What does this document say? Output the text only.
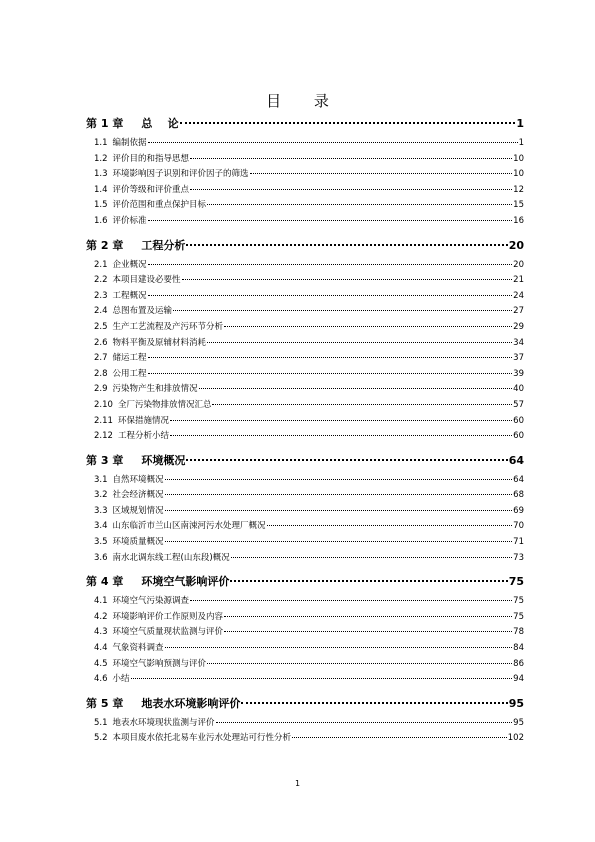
目 录
第 1 章 总    论	1
1.1 编制依据	1
1.2 评价目的和指导思想	10
1.3 环境影响因子识别和评价因子的筛选	10
1.4 评价等级和评价重点	12
1.5 评价范围和重点保护目标	15
1.6 评价标准	16
第 2 章 工程分析	20
2.1 企业概况	20
2.2 本项目建设必要性	21
2.3 工程概况	24
2.4 总图布置及运输	27
2.5 生产工艺流程及产污环节分析	29
2.6 物料平衡及原辅材料消耗	34
2.7 储运工程	37
2.8 公用工程	39
2.9 污染物产生和排放情况	40
2.10 全厂污染物排放情况汇总	57
2.11 环保措施情况	60
2.12 工程分析小结	60
第 3 章 环境概况	64
3.1 自然环境概况	64
3.2 社会经济概况	68
3.3 区域规划情况	69
3.4 山东临沂市兰山区南涑河污水处理厂概况	70
3.5 环境质量概况	71
3.6 南水北调东线工程(山东段)概况	73
第 4 章 环境空气影响评价	75
4.1 环境空气污染源调查	75
4.2 环境影响评价工作原则及内容	75
4.3 环境空气质量现状监测与评价	78
4.4 气象资料调查	84
4.5 环境空气影响预测与评价	86
4.6 小结	94
第 5 章 地表水环境影响评价	95
5.1 地表水环境现状监测与评价	95
5.2 本项目废水依托北易车业污水处理站可行性分析	102
1
